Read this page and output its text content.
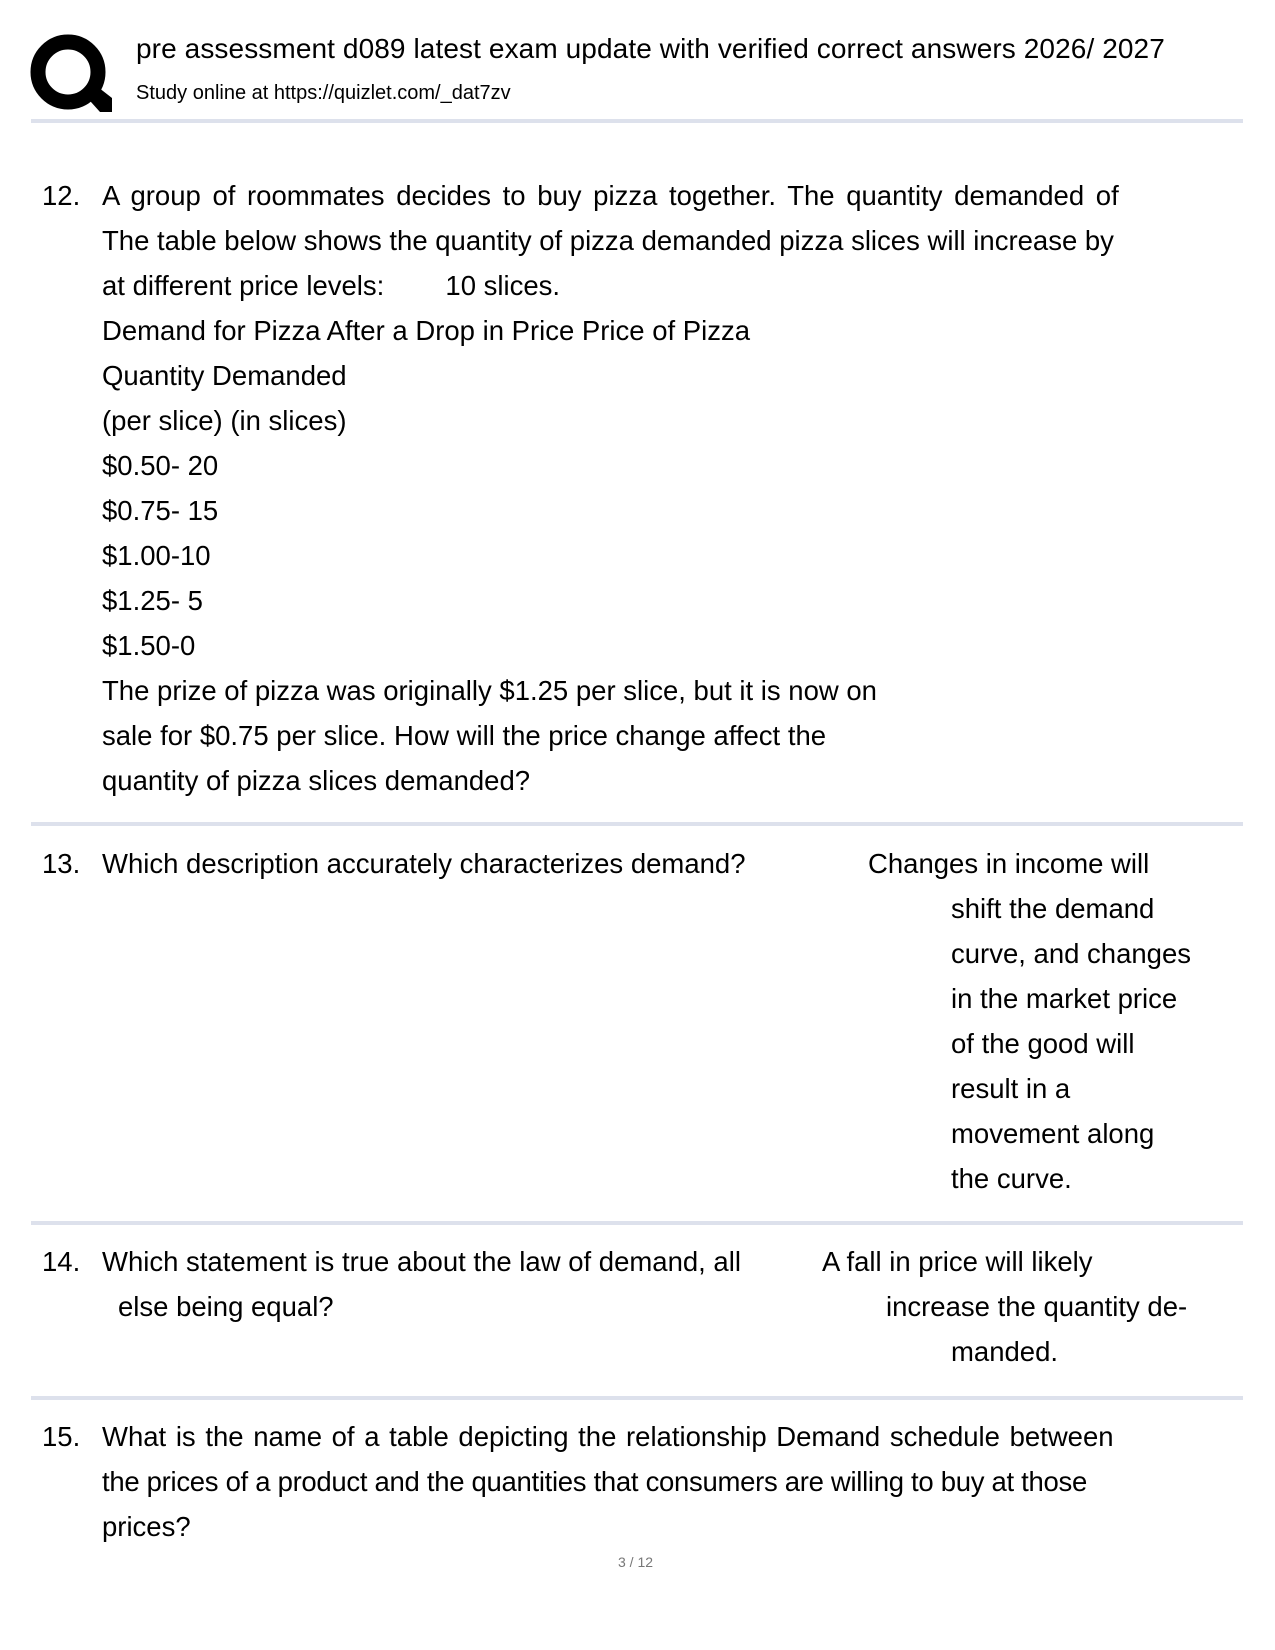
pre assessment d089 latest exam update with verified correct answers 2026/ 2027
Study online at https://quizlet.com/_dat7zv
12. A group of roommates decides to buy pizza together. The quantity demanded of
The table below shows the quantity of pizza demanded pizza slices will increase by
at different price levels:        10 slices.
Demand for Pizza After a Drop in Price Price of Pizza
Quantity Demanded
(per slice) (in slices)
$0.50- 20
$0.75- 15
$1.00-10
$1.25- 5
$1.50-0
The prize of pizza was originally $1.25 per slice, but it is now on
sale for $0.75 per slice. How will the price change affect the
quantity of pizza slices demanded?
13. Which description accurately characterizes demand?	Changes in income will
shift the demand
curve, and changes
in the market price
of the good will
result in a
movement along
the curve.
14. Which statement is true about the law of demand, all
else being equal?
A fall in price will likely
increase the quantity de-
manded.
15. What is the name of a table depicting the relationship Demand schedule between
the prices of a product and the quantities that consumers are willing to buy at those
prices?
3 / 12
